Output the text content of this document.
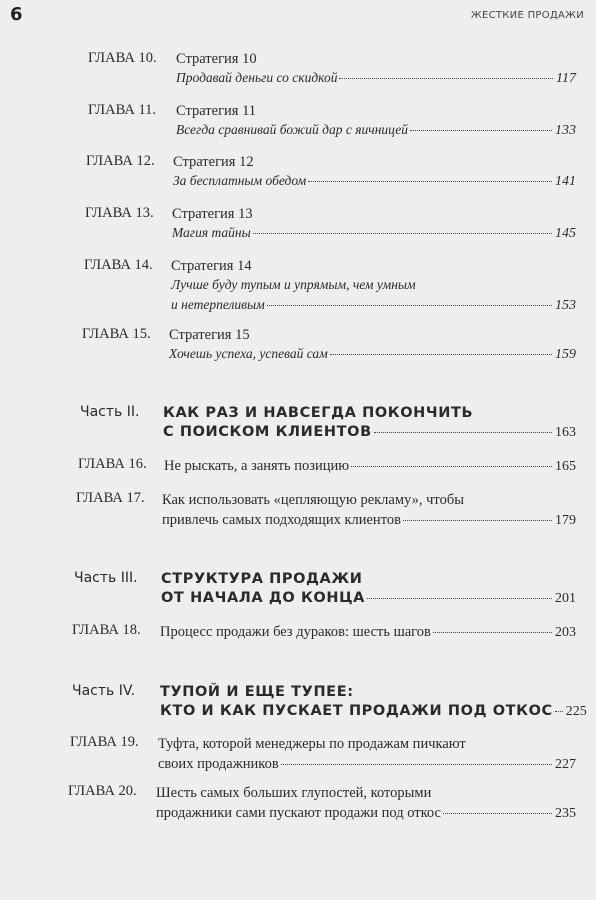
6	ЖЕСТКИЕ ПРОДАЖИ
ГЛАВА 10. Стратегия 10
Продавай деньги со скидкой	117
ГЛАВА 11. Стратегия 11
Всегда сравнивай божий дар с яичницей	133
ГЛАВА 12. Стратегия 12
За бесплатным обедом	141
ГЛАВА 13. Стратегия 13
Магия тайны	145
ГЛАВА 14. Стратегия 14
Лучше буду тупым и упрямым, чем умным
и нетерпеливым	153
ГЛАВА 15. Стратегия 15
Хочешь успеха, успевай сам	159
Часть II. КАК РАЗ И НАВСЕГДА ПОКОНЧИТЬ
С ПОИСКОМ КЛИЕНТОВ	163
ГЛАВА 16. Не рыскать, а занять позицию	165
ГЛАВА 17. Как использовать «цепляющую рекламу», чтобы
привлечь самых подходящих клиентов	179
Часть III. СТРУКТУРА ПРОДАЖИ
ОТ НАЧАЛА ДО КОНЦА	201
ГЛАВА 18. Процесс продажи без дураков: шесть шагов	203
Часть IV. ТУПОЙ И ЕЩЕ ТУПЕЕ:
КТО И КАК ПУСКАЕТ ПРОДАЖИ ПОД ОТКОС 225
ГЛАВА 19. Туфта, которой менеджеры по продажам пичкают
своих продажников	227
ГЛАВА 20. Шесть самых больших глупостей, которыми
продажники сами пускают продажи под откос	235
